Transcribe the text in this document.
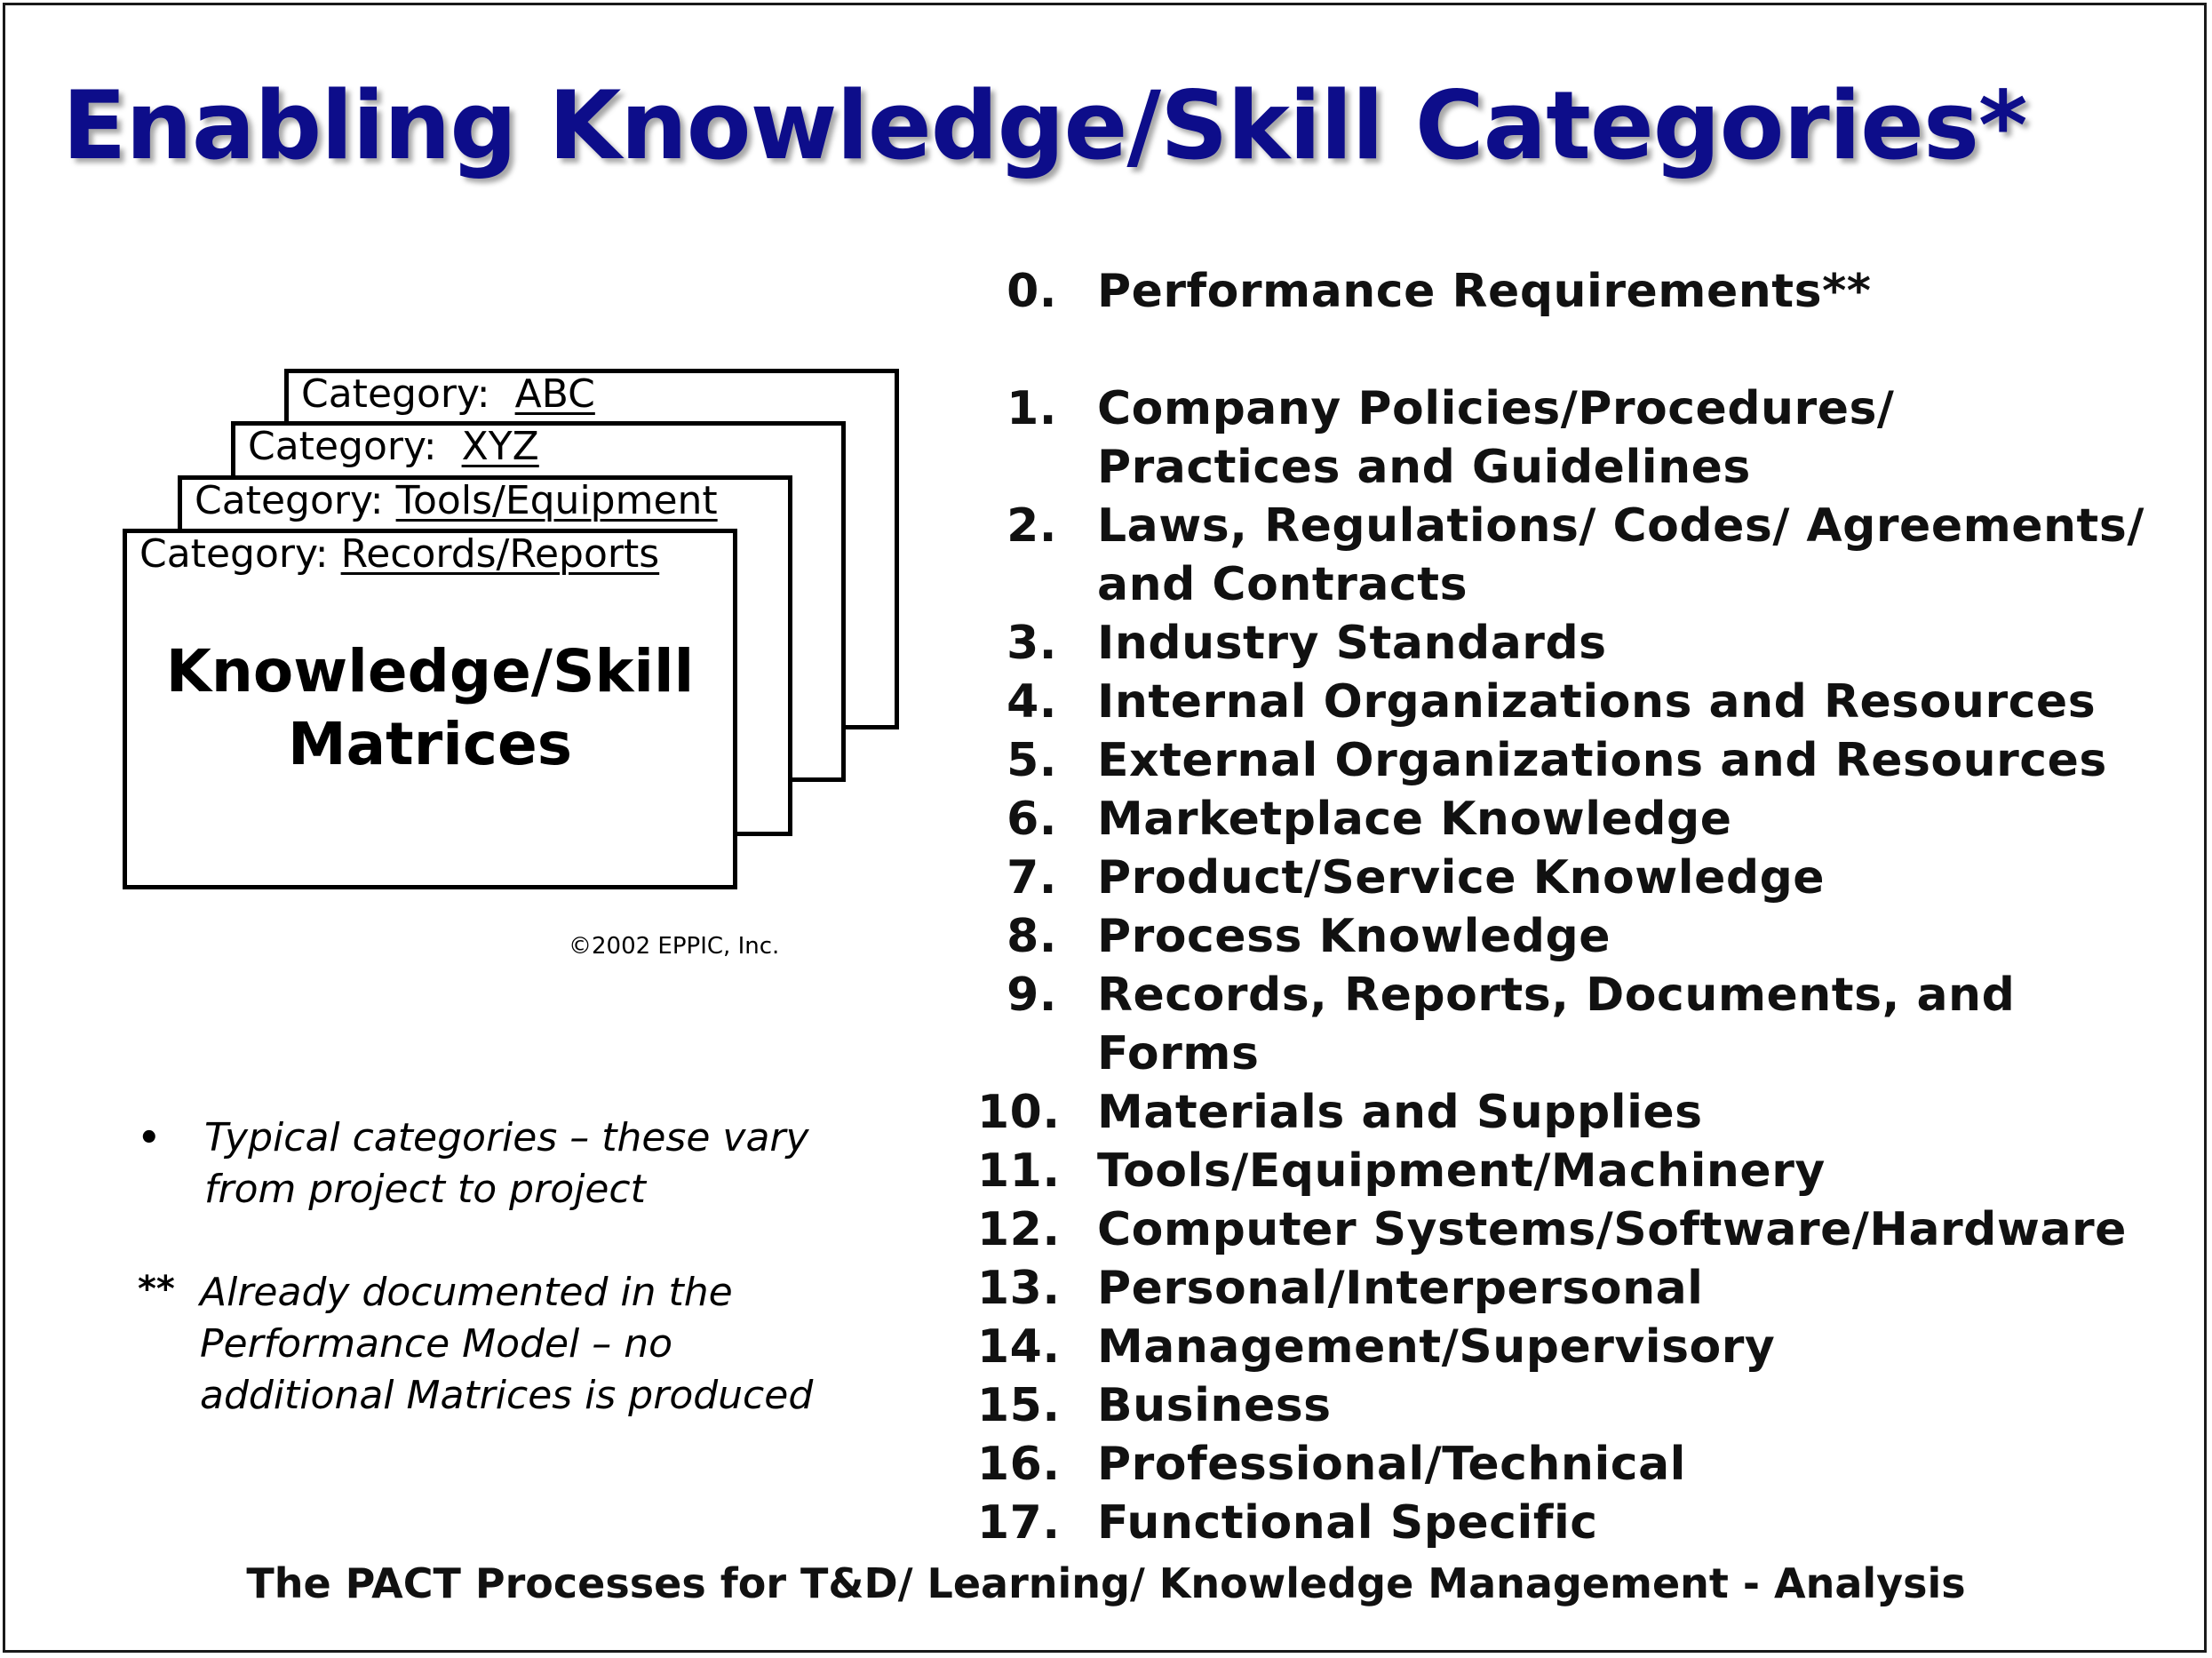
Enabling Knowledge/Skill Categories*
Category: ABC
Category: XYZ
Category: Tools/Equipment
Category: Records/Reports
Knowledge/Skill
Matrices
©2002 EPPIC, Inc.
• Typical categories – these vary
from project to project
** Already documented in the
Performance Model – no
additional Matrices is produced
0. Performance Requirements**
1. Company Policies/Procedures/
Practices and Guidelines
2. Laws, Regulations/ Codes/ Agreements/
and Contracts
3. Industry Standards
4. Internal Organizations and Resources
5. External Organizations and Resources
6. Marketplace Knowledge
7. Product/Service Knowledge
8. Process Knowledge
9. Records, Reports, Documents, and Forms
10. Materials and Supplies
11. Tools/Equipment/Machinery
12. Computer Systems/Software/Hardware
13. Personal/Interpersonal
14. Management/Supervisory
15. Business
16. Professional/Technical
17. Functional Specific
The PACT Processes for T&D/ Learning/ Knowledge Management - Analysis
